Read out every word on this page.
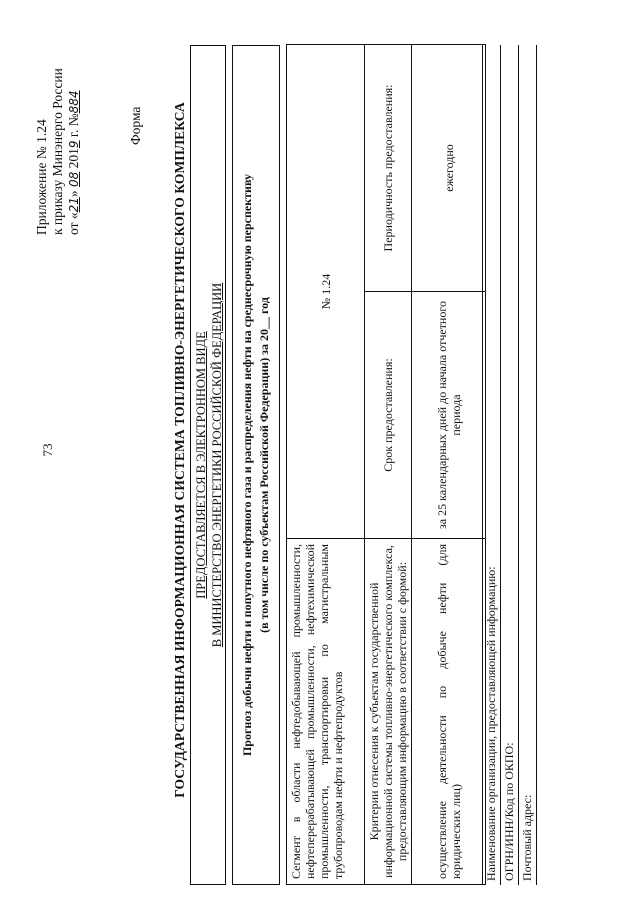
73
Приложение № 1.24 к приказу Минэнерго России от «21» 08 2019 г. №884
Форма ГОСУДАРСТВЕННАЯ ИНФОРМАЦИОННАЯ СИСТЕМА ТОПЛИВНО-ЭНЕРГЕТИЧЕСКОГО КОМПЛЕКСА ПРЕДОСТАВЛЯЕТСЯ В ЭЛЕКТРОННОМ ВИДЕ В МИНИСТЕРСТВО ЭНЕРГЕТИКИ РОССИЙСКОЙ ФЕДЕРАЦИИ Прогноз добычи нефти и попутного нефтяного газа и распределения нефти на среднесрочную перспективу (в том числе по субъектам Российской Федерации) за 20__ год
Сегмент в области нефтедобывающей промышленности, нефтеперерабатывающей промышленности, нефтехимической промышленности, транспортировки по магистральным трубопроводам нефти и нефтепродуктов	№ 1.24	
Критерии отнесения к субъектам государственной информационной системы топливно-энергетического комплекса, предоставляющим информацию в соответствии с формой:	Срок предоставления:	Периодичность предоставления:
осуществление деятельности по добыче нефти (для юридических лиц)	за 25 календарных дней до начала отчетного периода	ежегодно
Наименование организации, предоставляющей информацию:
ОГРН/ИНН/Код по ОКПО:
Почтовый адрес:
